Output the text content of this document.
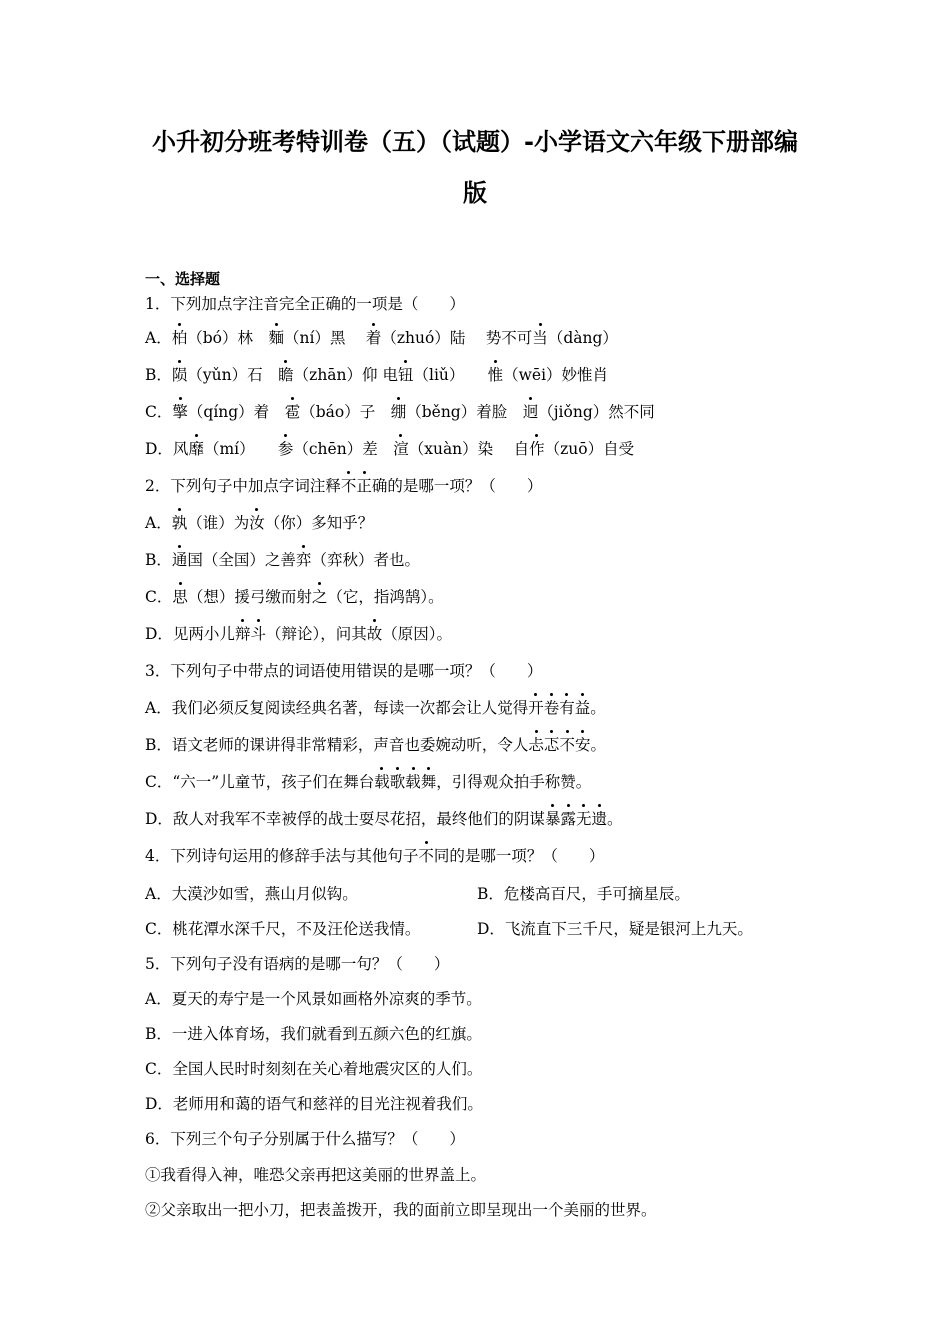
小升初分班考特训卷（五）（试题）-小学语文六年级下册部编
版
一、选择题
1．下列加点字注音完全正确的一项是（　　）
A．柏（bó）林　麵（ní）黑　 着（zhuó）陆　 势不可当（dàng）
B．陨（yǔn）石　瞻（zhān）仰 电钮（liǔ）　　惟（wēi）妙惟肖
C．擎（qíng）着　雹（báo）子　绷（běng）着脸　迥（jiǒng）然不同
D．风靡（mí）　　参（chēn）差　渲（xuàn）染　 自作（zuō）自受
2．下列句子中加点字词注释不正确的是哪一项？（　　）
A．孰（谁）为汝（你）多知乎？
B．通国（全国）之善弈（弈秋）者也。
C．思（想）援弓缴而射之（它，指鸿鹄）。
D．见两小儿辩斗（辩论），问其故（原因）。
3．下列句子中带点的词语使用错误的是哪一项？（　　）
A．我们必须反复阅读经典名著，每读一次都会让人觉得开卷有益。
B．语文老师的课讲得非常精彩，声音也委婉动听，令人忐忑不安。
C．“六一”儿童节，孩子们在舞台载歌载舞，引得观众拍手称赞。
D．敌人对我军不幸被俘的战士耍尽花招，最终他们的阴谋暴露无遗。
4．下列诗句运用的修辞手法与其他句子不同的是哪一项？（　　）
A．大漠沙如雪，燕山月似钩。	B．危楼高百尺，手可摘星辰。
C．桃花潭水深千尺，不及汪伦送我情。	D．飞流直下三千尺，疑是银河上九天。
5．下列句子没有语病的是哪一句？（　　）
A．夏天的寿宁是一个风景如画格外凉爽的季节。
B．一进入体育场，我们就看到五颜六色的红旗。
C．全国人民时时刻刻在关心着地震灾区的人们。
D．老师用和蔼的语气和慈祥的目光注视着我们。
6．下列三个句子分别属于什么描写？（　　）
①我看得入神，唯恐父亲再把这美丽的世界盖上。
②父亲取出一把小刀，把表盖拨开，我的面前立即呈现出一个美丽的世界。
